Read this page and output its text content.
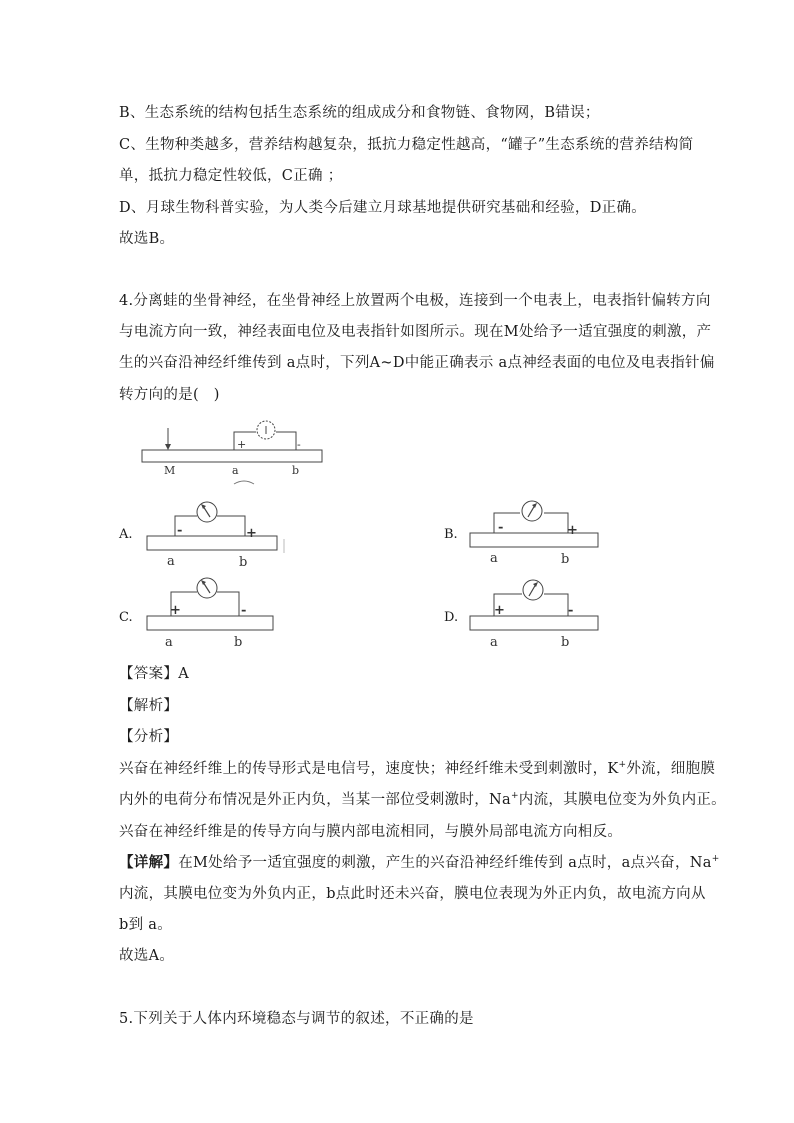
B、生态系统的结构包括生态系统的组成成分和食物链、食物网，B错误；
C、生物种类越多，营养结构越复杂，抵抗力稳定性越高，“罐子”生态系统的营养结构简
单，抵抗力稳定性较低，C正确 ；
D、月球生物科普实验，为人类今后建立月球基地提供研究基础和经验，D正确。
故选B。
4.分离蛙的坐骨神经，在坐骨神经上放置两个电极，连接到一个电表上，电表指针偏转方向
与电流方向一致，神经表面电位及电表指针如图所示。现在M处给予一适宜强度的刺激，产
生的兴奋沿神经纤维传到 a点时，下列A~D中能正确表示 a点神经表面的电位及电表指针偏
转方向的是(　)
+	-
M	a	b
A.	-	+
a	b
B.	-	+
a	b
C.	+	-
a	b
D.	+	-
a	b
【答案】A
【解析】
【分析】
兴奋在神经纤维上的传导形式是电信号，速度快；神经纤维未受到刺激时，K+外流，细胞膜
内外的电荷分布情况是外正内负，当某一部位受刺激时，Na+内流，其膜电位变为外负内正。
兴奋在神经纤维是的传导方向与膜内部电流相同，与膜外局部电流方向相反。
【详解】在M处给予一适宜强度的刺激，产生的兴奋沿神经纤维传到 a点时，a点兴奋，Na+
内流，其膜电位变为外负内正，b点此时还未兴奋，膜电位表现为外正内负，故电流方向从
b到 a。
故选A。
5.下列关于人体内环境稳态与调节的叙述，不正确的是
